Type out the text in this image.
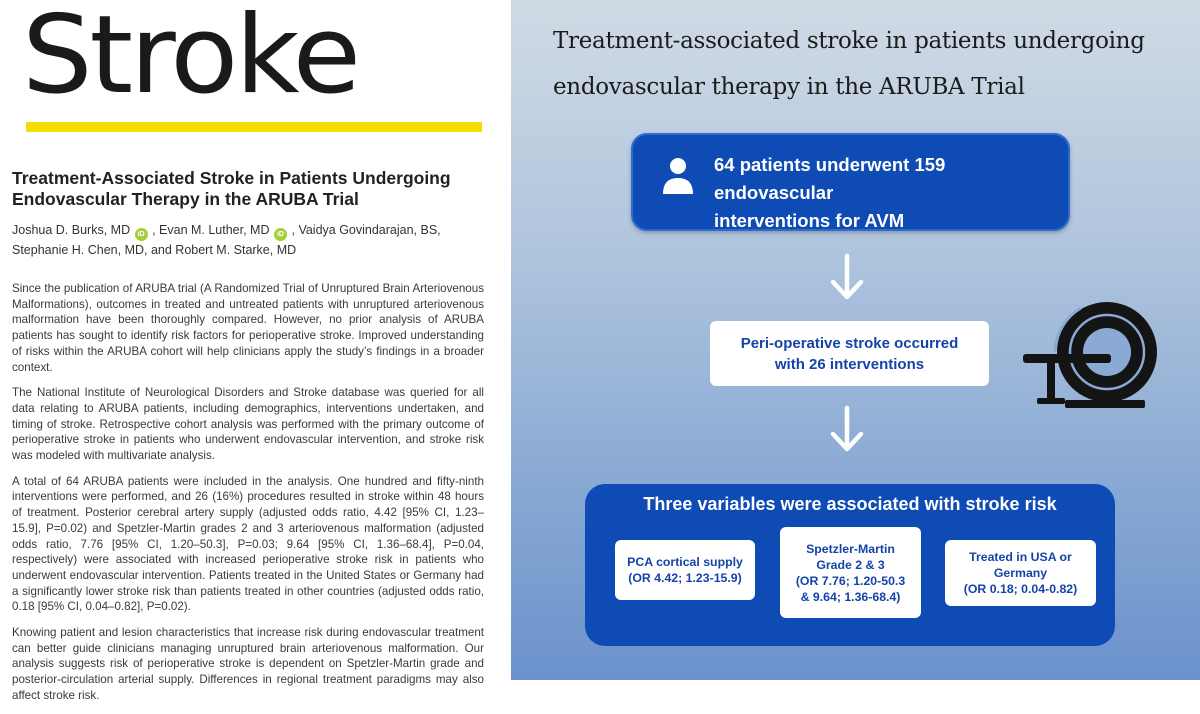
Stroke
Treatment-Associated Stroke in Patients Undergoing Endovascular Therapy in the ARUBA Trial
Joshua D. Burks, MD iD , Evan M. Luther, MD iD , Vaidya Govindarajan, BS, Stephanie H. Chen, MD, and Robert M. Starke, MD

Since the publication of ARUBA trial (A Randomized Trial of Unruptured Brain Arteriovenous Malformations), outcomes in treated and untreated patients with unruptured arteriovenous malformation have been thoroughly compared. However, no prior analysis of ARUBA patients has sought to identify risk factors for perioperative stroke. Improved understanding of risks within the ARUBA cohort will help clinicians apply the study’s findings in a broader context.

The National Institute of Neurological Disorders and Stroke database was queried for all data relating to ARUBA patients, including demographics, interventions undertaken, and timing of stroke. Retrospective cohort analysis was performed with the primary outcome of perioperative stroke in patients who underwent endovascular intervention, and stroke risk was modeled with multivariate analysis.

A total of 64 ARUBA patients were included in the analysis. One hundred and fifty-ninth interventions were performed, and 26 (16%) procedures resulted in stroke within 48 hours of treatment. Posterior cerebral artery supply (adjusted odds ratio, 4.42 [95% CI, 1.23–15.9], P=0.02) and Spetzler-Martin grades 2 and 3 arteriovenous malformation (adjusted odds ratio, 7.76 [95% CI, 1.20–50.3], P=0.03; 9.64 [95% CI, 1.36–68.4], P=0.04, respectively) were associated with increased perioperative stroke risk in patients who underwent endovascular intervention. Patients treated in the United States or Germany had a significantly lower stroke risk than patients treated in other countries (adjusted odds ratio, 0.18 [95% CI, 0.04–0.82], P=0.02).

Knowing patient and lesion characteristics that increase risk during endovascular treatment can better guide clinicians managing unruptured brain arteriovenous malformation. Our analysis suggests risk of perioperative stroke is dependent on Spetzler-Martin grade and posterior-circulation arterial supply. Differences in regional treatment paradigms may also affect stroke risk.

Treatment-associated stroke in patients undergoing
endovascular therapy in the ARUBA Trial
64 patients underwent 159 endovascular
interventions for AVM
Peri-operative stroke occurred
with 26 interventions
Three variables were associated with stroke risk
PCA cortical supply
(OR 4.42; 1.23-15.9)
Spetzler-Martin
Grade 2 & 3
(OR 7.76; 1.20-50.3
& 9.64; 1.36-68.4)
Treated in USA or
Germany
(OR 0.18; 0.04-0.82)
